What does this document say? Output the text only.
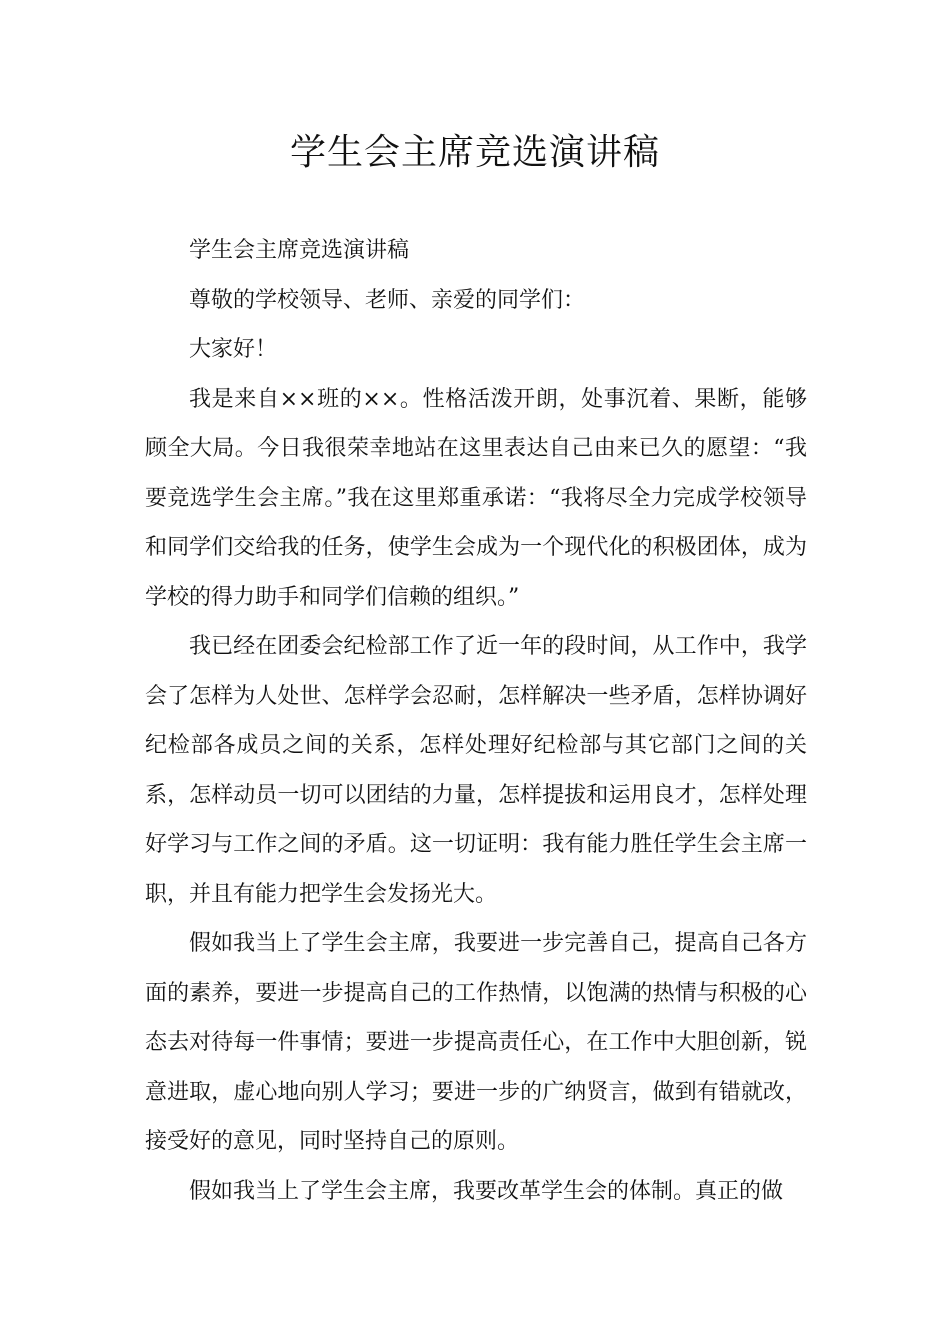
学生会主席竞选演讲稿

学生会主席竞选演讲稿

尊敬的学校领导、老师、亲爱的同学们：

大家好！

我是来自××班的××。性格活泼开朗，处事沉着、果断，能够顾全大局。今日我很荣幸地站在这里表达自己由来已久的愿望：“我要竞选学生会主席。”我在这里郑重承诺：“我将尽全力完成学校领导和同学们交给我的任务，使学生会成为一个现代化的积极团体，成为学校的得力助手和同学们信赖的组织。”

我已经在团委会纪检部工作了近一年的段时间，从工作中，我学会了怎样为人处世、怎样学会忍耐，怎样解决一些矛盾，怎样协调好纪检部各成员之间的关系，怎样处理好纪检部与其它部门之间的关系，怎样动员一切可以团结的力量，怎样提拔和运用良才，怎样处理好学习与工作之间的矛盾。这一切证明：我有能力胜任学生会主席一职，并且有能力把学生会发扬光大。

假如我当上了学生会主席，我要进一步完善自己，提高自己各方面的素养，要进一步提高自己的工作热情，以饱满的热情与积极的心态去对待每一件事情；要进一步提高责任心，在工作中大胆创新，锐意进取，虚心地向别人学习；要进一步的广纳贤言，做到有错就改，接受好的意见，同时坚持自己的原则。

假如我当上了学生会主席，我要改革学生会的体制。真正的做
